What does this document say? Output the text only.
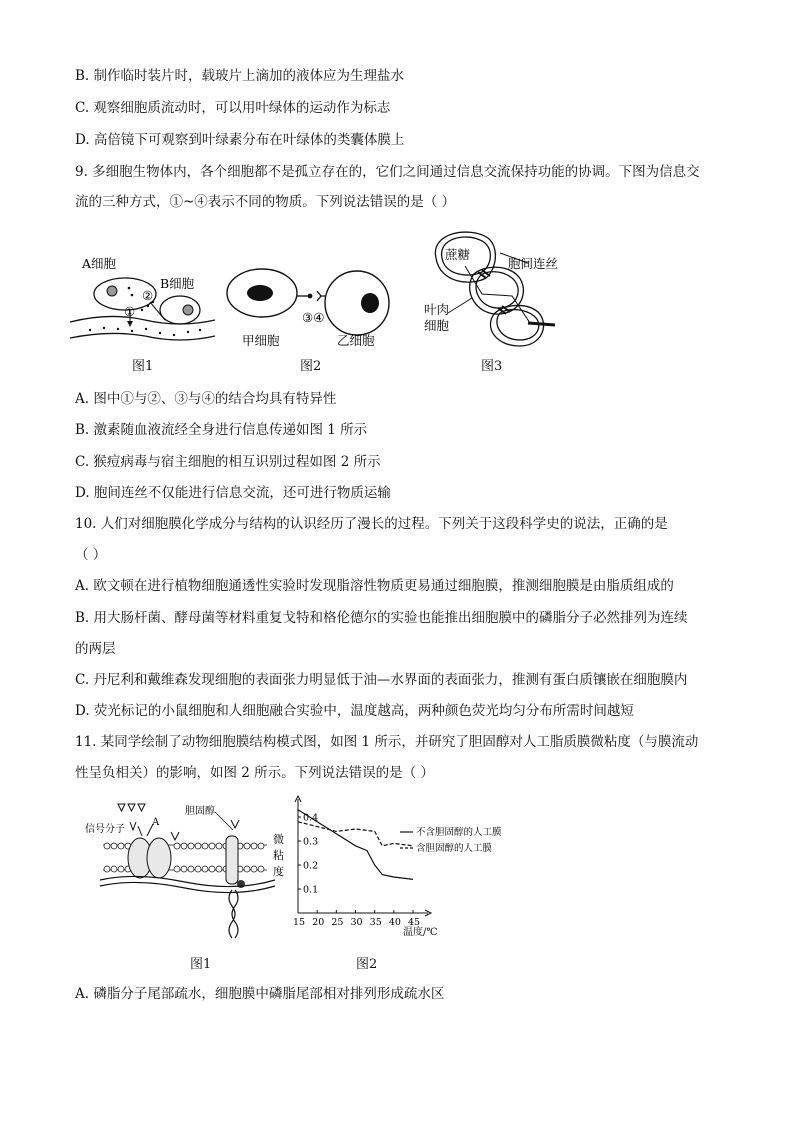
B. 制作临时装片时，载玻片上滴加的液体应为生理盐水
C. 观察细胞质流动时，可以用叶绿体的运动作为标志
D. 高倍镜下可观察到叶绿素分布在叶绿体的类囊体膜上
9. 多细胞生物体内，各个细胞都不是孤立存在的，它们之间通过信息交流保持功能的协调。下图为信息交
流的三种方式，①~④表示不同的物质。下列说法错误的是（ ）
A细胞
B细胞
②
①
图1
甲细胞	乙细胞
③④
图2
蔗糖
胞间连丝
叶肉
细胞
图3
A. 图中①与②、③与④的结合均具有特异性
B. 激素随血液流经全身进行信息传递如图 1 所示
C. 猴痘病毒与宿主细胞的相互识别过程如图 2 所示
D. 胞间连丝不仅能进行信息交流，还可进行物质运输
10. 人们对细胞膜化学成分与结构的认识经历了漫长的过程。下列关于这段科学史的说法，正确的是
（ ）
A. 欧文顿在进行植物细胞通透性实验时发现脂溶性物质更易通过细胞膜，推测细胞膜是由脂质组成的
B. 用大肠杆菌、酵母菌等材料重复戈特和格伦德尔的实验也能推出细胞膜中的磷脂分子必然排列为连续
的两层
C. 丹尼利和戴维森发现细胞的表面张力明显低于油—水界面的表面张力，推测有蛋白质镶嵌在细胞膜内
D. 荧光标记的小鼠细胞和人细胞融合实验中，温度越高，两种颜色荧光均匀分布所需时间越短
11. 某同学绘制了动物细胞膜结构模式图，如图 1 所示，并研究了胆固醇对人工脂质膜微粘度（与膜流动
性呈负相关）的影响，如图 2 所示。下列说法错误的是（ ）
信号分子
A
胆固醇
图1
0.1
0.2
0.3
0.4
15 20 25 30 35 40 45
微
粘
度
温度/℃
不含胆固醇的人工膜
含胆固醇的人工膜
图2
A. 磷脂分子尾部疏水，细胞膜中磷脂尾部相对排列形成疏水区
